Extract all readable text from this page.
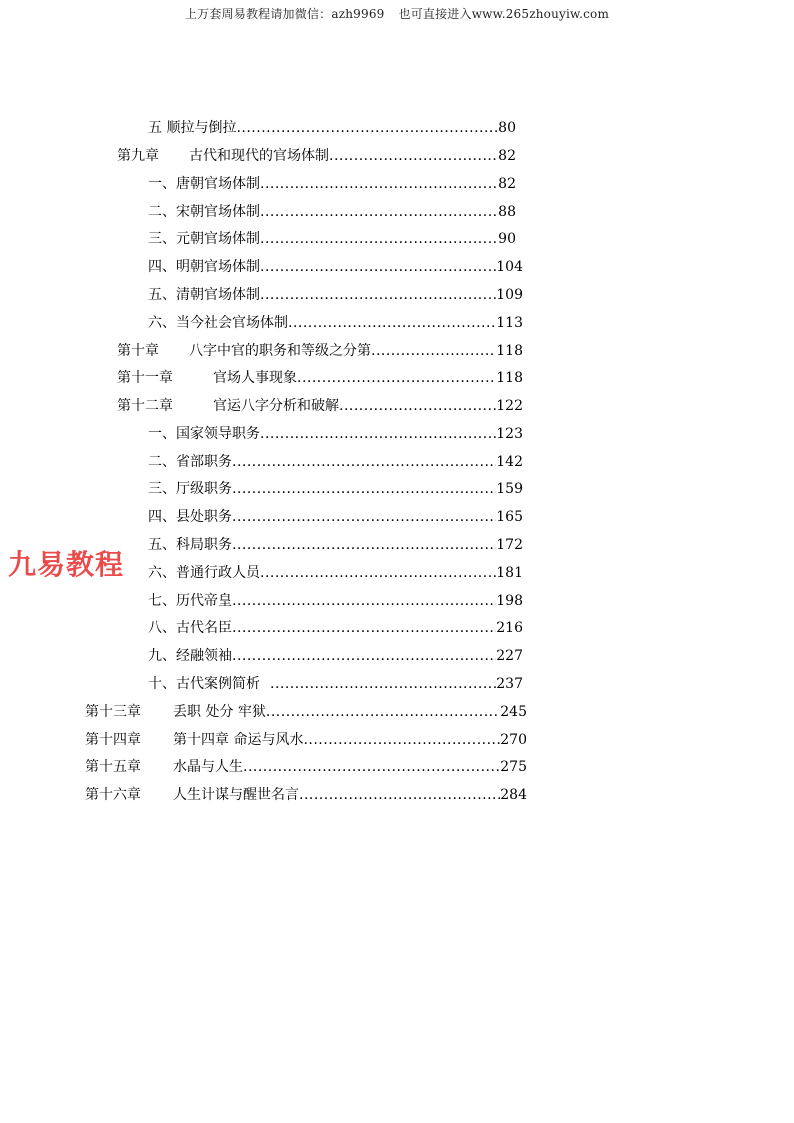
上万套周易教程请加微信：azh9969 也可直接进入www.265zhouyiw.com
九易教程
五 顺拉与倒拉 .....	80
第九章	古代和现代的官场体制 .....	82
一、唐朝官场体制 .....	82
二、宋朝官场体制 .....	88
三、元朝官场体制 .....	90
四、明朝官场体制 .....	104
五、清朝官场体制 .....	109
六、当今社会官场体制 .....	113
第十章	八字中官的职务和等级之分第 .....	118
第十一章	官场人事现象 .....	118
第十二章	官运八字分析和破解 .....	122
一、国家领导职务 .....	123
二、省部职务 .....	142
三、厅级职务 .....	159
四、县处职务 .....	165
五、科局职务 .....	172
六、普通行政人员 .....	181
七、历代帝皇 .....	198
八、古代名臣 .....	216
九、经融领袖 .....	227
十、古代案例简析 .....	237
第十三章	丢职 处分 牢狱 .....	245
第十四章	第十四章 命运与风水 .....	270
第十五章	水晶与人生 .....	275
第十六章	人生计谋与醒世名言 .....	284
